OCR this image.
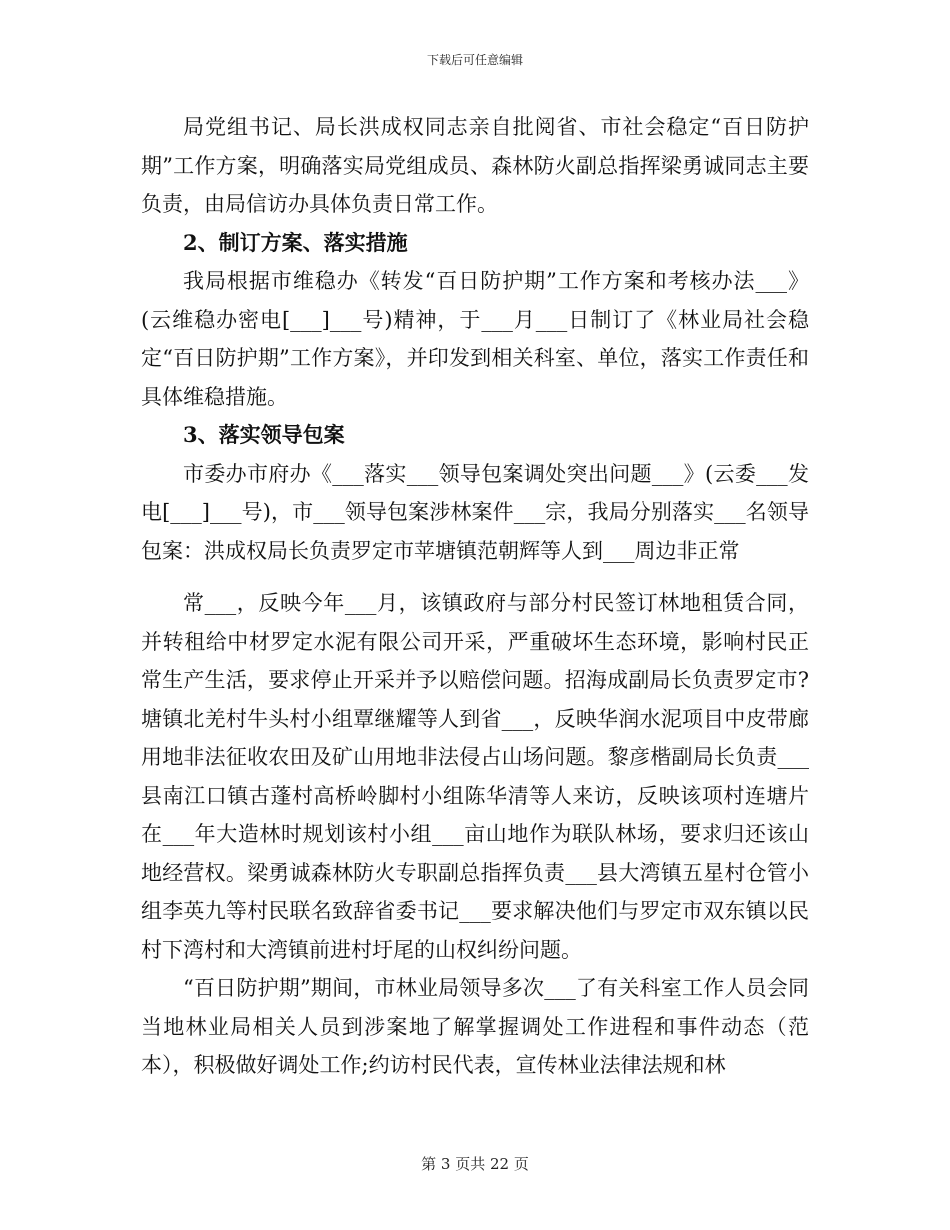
下载后可任意编辑

局党组书记、局长洪成权同志亲自批阅省、市社会稳定“百日防护期”工作方案，明确落实局党组成员、森林防火副总指挥梁勇诚同志主要负责，由局信访办具体负责日常工作。

2、制订方案、落实措施

我局根据市维稳办《转发“百日防护期”工作方案和考核办法___》(云维稳办密电[___]___号)精神，于___月___日制订了《林业局社会稳定“百日防护期”工作方案》，并印发到相关科室、单位，落实工作责任和具体维稳措施。

3、落实领导包案

市委办市府办《___落实___领导包案调处突出问题___》(云委___发电[___]___号)，市___领导包案涉林案件___宗，我局分别落实___名领导包案：洪成权局长负责罗定市苹塘镇范朝辉等人到___周边非正常

常___，反映今年___月，该镇政府与部分村民签订林地租赁合同，并转租给中材罗定水泥有限公司开采，严重破坏生态环境，影响村民正常生产生活，要求停止开采并予以赔偿问题。招海成副局长负责罗定市?塘镇北羌村牛头村小组覃继耀等人到省___，反映华润水泥项目中皮带廊用地非法征收农田及矿山用地非法侵占山场问题。黎彦楷副局长负责___县南江口镇古蓬村高桥岭脚村小组陈华清等人来访，反映该项村连塘片在___年大造林时规划该村小组___亩山地作为联队林场，要求归还该山地经营权。梁勇诚森林防火专职副总指挥负责___县大湾镇五星村仓管小组李英九等村民联名致辞省委书记___要求解决他们与罗定市双东镇以民村下湾村和大湾镇前进村圩尾的山权纠纷问题。

“百日防护期”期间，市林业局领导多次___了有关科室工作人员会同当地林业局相关人员到涉案地了解掌握调处工作进程和事件动态（范本），积极做好调处工作;约访村民代表，宣传林业法律法规和林

第 3 页共 22 页
